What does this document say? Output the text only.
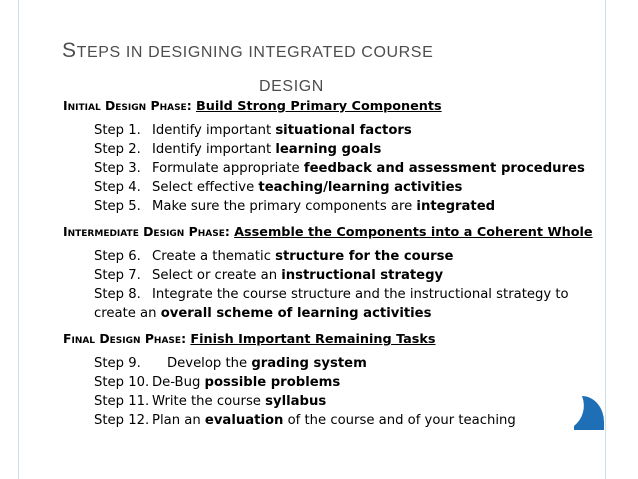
STEPS IN DESIGNING INTEGRATED COURSE
DESIGN
Initial Design Phase: Build Strong Primary Components
Step 1. Identify important situational factors
Step 2. Identify important learning goals
Step 3. Formulate appropriate feedback and assessment procedures
Step 4. Select effective teaching/learning activities
Step 5. Make sure the primary components are integrated
Intermediate Design Phase: Assemble the Components into a Coherent Whole
Step 6. Create a thematic structure for the course
Step 7. Select or create an instructional strategy
Step 8. Integrate the course structure and the instructional strategy to
create an overall scheme of learning activities
Final Design Phase: Finish Important Remaining Tasks
Step 9. Develop the grading system
Step 10. De-Bug possible problems
Step 11. Write the course syllabus
Step 12. Plan an evaluation of the course and of your teaching
